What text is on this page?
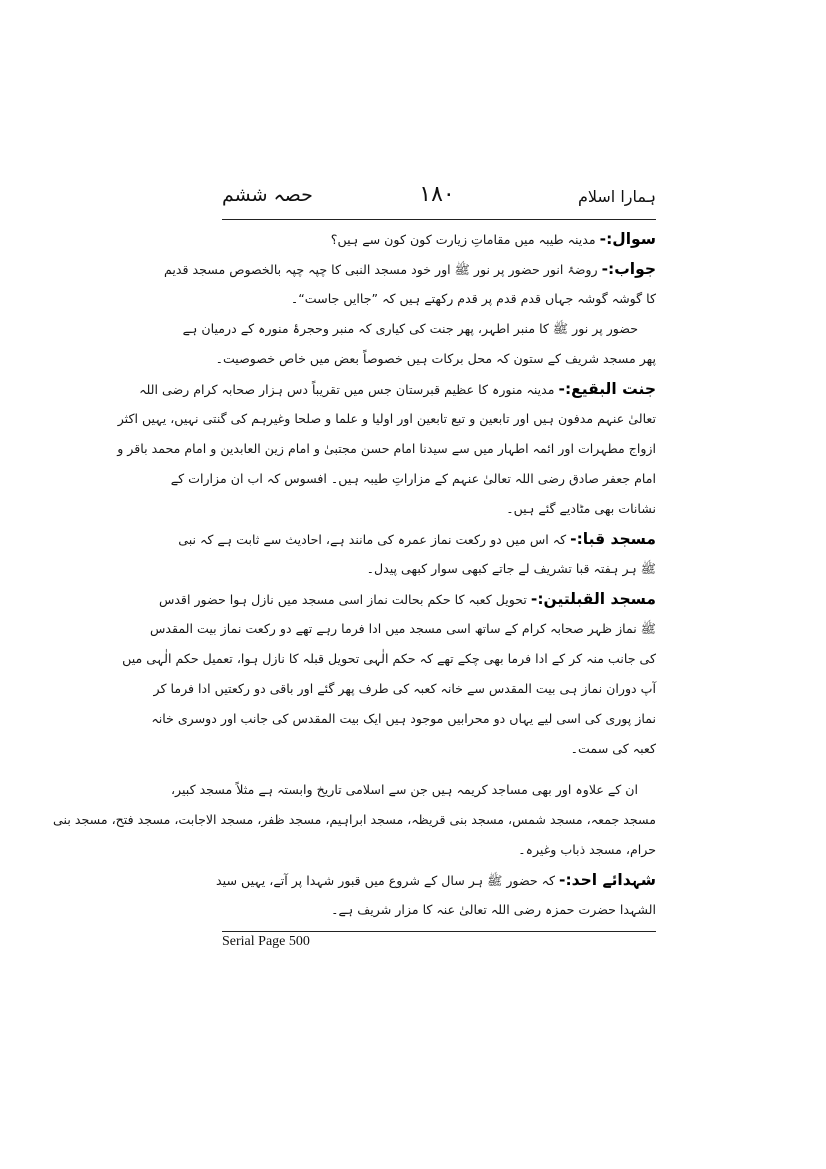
حصہ ششم	۱۸۰	ہمارا اسلام
سوال:- مدینہ طیبہ میں مقاماتِ زیارت کون کون سے ہیں؟
جواب:- روضۂ انور حضور پر نور ﷺ اور خود مسجد النبی کا چپہ چپہ بالخصوص مسجد قدیم
کا گوشہ گوشہ جہاں قدم قدم پر قدم رکھتے ہیں کہ ”جاایں جاست“۔
حضور پر نور ﷺ کا منبر اطہر، پھر جنت کی کیاری کہ منبر وحجرۂ منورہ کے درمیان ہے
پھر مسجد شریف کے ستون کہ محل برکات ہیں خصوصاً بعض میں خاص خصوصیت۔
جنت البقیع:- مدینہ منورہ کا عظیم قبرستان جس میں تقریباً دس ہزار صحابہ کرام رضی اللہ
تعالیٰ عنہم مدفون ہیں اور تابعین و تبع تابعین اور اولیا و علما و صلحا وغیرہم کی گنتی نہیں، یہیں اکثر
ازواج مطہرات اور ائمہ اطہار میں سے سیدنا امام حسن مجتبیٰ و امام زین العابدین و امام محمد باقر و
امام جعفر صادق رضی اللہ تعالیٰ عنہم کے مزاراتِ طیبہ ہیں۔ افسوس کہ اب ان مزارات کے
نشانات بھی مٹادیے گئے ہیں۔
مسجد قبا:- کہ اس میں دو رکعت نماز عمرہ کی مانند ہے، احادیث سے ثابت ہے کہ نبی
ﷺ ہر ہفتہ قبا تشریف لے جاتے کبھی سوار کبھی پیدل۔
مسجد القبلتین:- تحویل کعبہ کا حکم بحالت نماز اسی مسجد میں نازل ہوا حضور اقدس
ﷺ نماز ظہر صحابہ کرام کے ساتھ اسی مسجد میں ادا فرما رہے تھے دو رکعت نماز بیت المقدس
کی جانب منہ کر کے ادا فرما بھی چکے تھے کہ حکم الٰہی تحویل قبلہ کا نازل ہوا، تعمیل حکم الٰہی میں
آپ دوران نماز ہی بیت المقدس سے خانہ کعبہ کی طرف پھر گئے اور باقی دو رکعتیں ادا فرما کر
نماز پوری کی اسی لیے یہاں دو محرابیں موجود ہیں ایک بیت المقدس کی جانب اور دوسری خانہ
کعبہ کی سمت۔
ان کے علاوہ اور بھی مساجد کریمہ ہیں جن سے اسلامی تاریخ وابستہ ہے مثلاً مسجد کبیر،
مسجد جمعہ، مسجد شمس، مسجد بنی قریظہ، مسجد ابراہیم، مسجد ظفر، مسجد الاجابت، مسجد فتح، مسجد بنی
حرام، مسجد ذباب وغیرہ۔
شہدائے احد:- کہ حضور ﷺ ہر سال کے شروع میں قبور شہدا پر آتے، یہیں سید
الشہدا حضرت حمزہ رضی اللہ تعالیٰ عنہ کا مزار شریف ہے۔
Serial Page 500
